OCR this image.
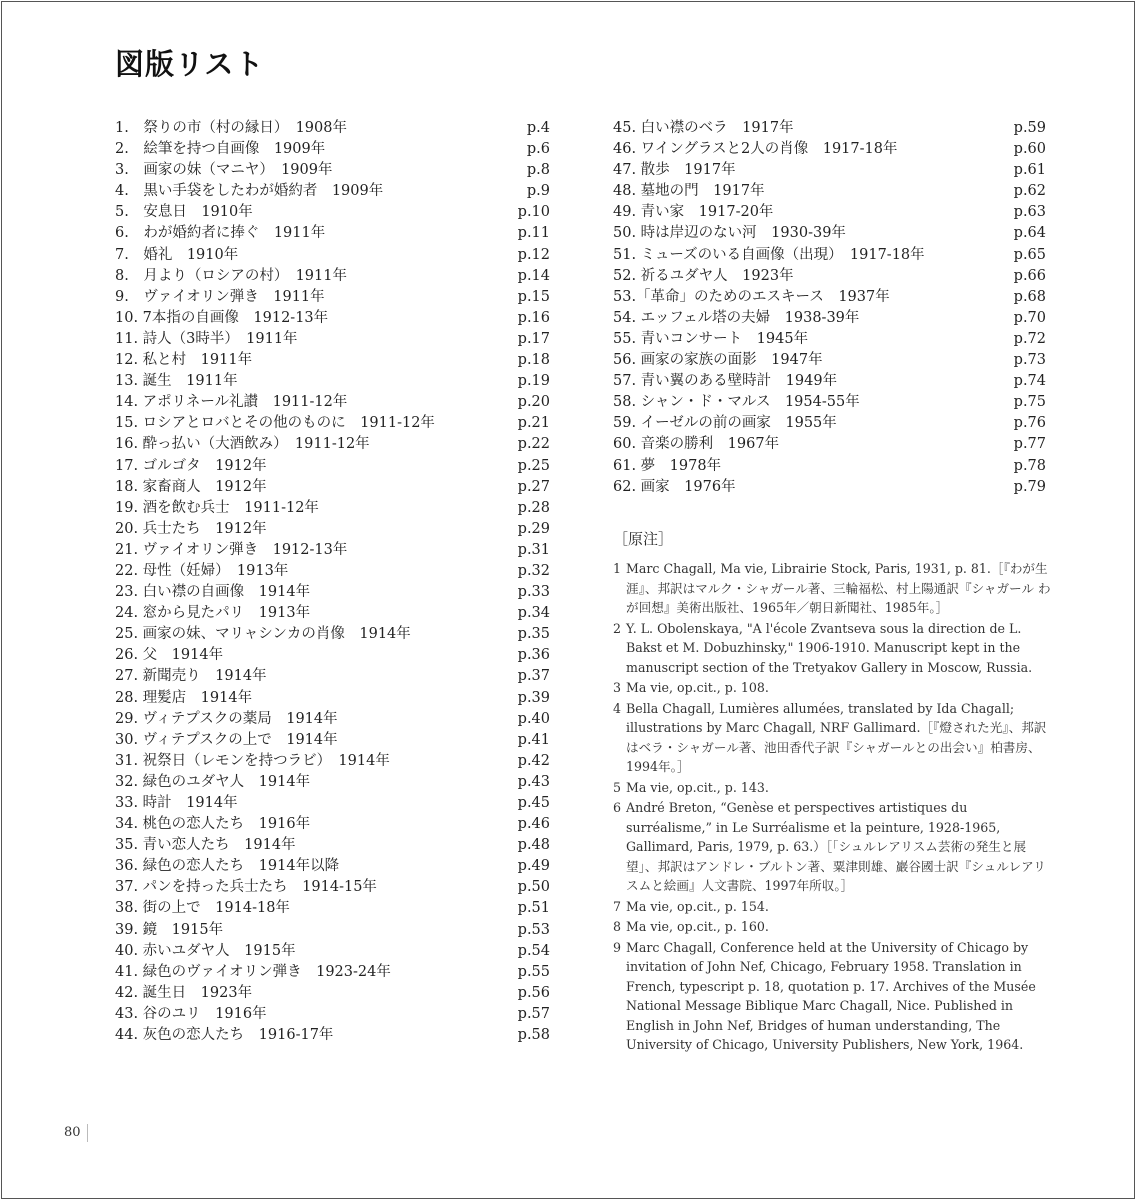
図版リスト
1.　祭りの市（村の縁日）　1908年	p.4
2.　絵筆を持つ自画像　1909年	p.6
3.　画家の妹（マニヤ）　1909年	p.8
4.　黒い手袋をしたわが婚約者　1909年	p.9
5.　安息日　1910年	p.10
6.　わが婚約者に捧ぐ　1911年	p.11
7.　婚礼　1910年	p.12
8.　月より（ロシアの村）　1911年	p.14
9.　ヴァイオリン弾き　1911年	p.15
10. 7本指の自画像　1912-13年	p.16
11. 詩人（3時半）　1911年	p.17
12. 私と村　1911年	p.18
13. 誕生　1911年	p.19
14. アポリネール礼讃　1911-12年	p.20
15. ロシアとロバとその他のものに　1911-12年	p.21
16. 酔っ払い（大酒飲み）　1911-12年	p.22
17. ゴルゴタ　1912年	p.25
18. 家畜商人　1912年	p.27
19. 酒を飲む兵士　1911-12年	p.28
20. 兵士たち　1912年	p.29
21. ヴァイオリン弾き　1912-13年	p.31
22. 母性（妊婦）　1913年	p.32
23. 白い襟の自画像　1914年	p.33
24. 窓から見たパリ　1913年	p.34
25. 画家の妹、マリャシンカの肖像　1914年	p.35
26. 父　1914年	p.36
27. 新聞売り　1914年	p.37
28. 理髪店　1914年	p.39
29. ヴィテプスクの薬局　1914年	p.40
30. ヴィテプスクの上で　1914年	p.41
31. 祝祭日（レモンを持つラビ）　1914年	p.42
32. 緑色のユダヤ人　1914年	p.43
33. 時計　1914年	p.45
34. 桃色の恋人たち　1916年	p.46
35. 青い恋人たち　1914年	p.48
36. 緑色の恋人たち　1914年以降	p.49
37. パンを持った兵士たち　1914-15年	p.50
38. 街の上で　1914-18年	p.51
39. 鏡　1915年	p.53
40. 赤いユダヤ人　1915年	p.54
41. 緑色のヴァイオリン弾き　1923-24年	p.55
42. 誕生日　1923年	p.56
43. 谷のユリ　1916年	p.57
44. 灰色の恋人たち　1916-17年	p.58
45. 白い襟のベラ　1917年	p.59
46. ワイングラスと2人の肖像　1917-18年	p.60
47. 散歩　1917年	p.61
48. 墓地の門　1917年	p.62
49. 青い家　1917-20年	p.63
50. 時は岸辺のない河　1930-39年	p.64
51. ミューズのいる自画像（出現）　1917-18年	p.65
52. 祈るユダヤ人　1923年	p.66
53.「革命」のためのエスキース　1937年	p.68
54. エッフェル塔の夫婦　1938-39年	p.70
55. 青いコンサート　1945年	p.72
56. 画家の家族の面影　1947年	p.73
57. 青い翼のある壁時計　1949年	p.74
58. シャン・ド・マルス　1954-55年	p.75
59. イーゼルの前の画家　1955年	p.76
60. 音楽の勝利　1967年	p.77
61. 夢　1978年	p.78
62. 画家　1976年	p.79
［原注］
1 Marc Chagall, Ma vie, Librairie Stock, Paris, 1931, p. 81.［『わが生涯』、邦訳はマルク・シャガール著、三輪福松、村上陽通訳『シャガール わが回想』美術出版社、1965年／朝日新聞社、1985年。］
2 Y. L. Obolenskaya, "A l'école Zvantseva sous la direction de L. Bakst et M. Dobuzhinsky," 1906-1910. Manuscript kept in the manuscript section of the Tretyakov Gallery in Moscow, Russia.
3 Ma vie, op.cit., p. 108.
4 Bella Chagall, Lumières allumées, translated by Ida Chagall; illustrations by Marc Chagall, NRF Gallimard.［『燈された光』、邦訳はベラ・シャガール著、池田香代子訳『シャガールとの出会い』柏書房、1994年。］
5 Ma vie, op.cit., p. 143.
6 André Breton, “Genèse et perspectives artistiques du surréalisme,” in Le Surréalisme et la peinture, 1928-1965, Gallimard, Paris, 1979, p. 63.）［「シュルレアリスム芸術の発生と展望」、邦訳はアンドレ・ブルトン著、粟津則雄、巖谷國士訳『シュルレアリスムと絵画』人文書院、1997年所収。］
7 Ma vie, op.cit., p. 154.
8 Ma vie, op.cit., p. 160.
9 Marc Chagall, Conference held at the University of Chicago by invitation of John Nef, Chicago, February 1958. Translation in French, typescript p. 18, quotation p. 17. Archives of the Musée National Message Biblique Marc Chagall, Nice. Published in English in John Nef, Bridges of human understanding, The University of Chicago, University Publishers, New York, 1964.
80
